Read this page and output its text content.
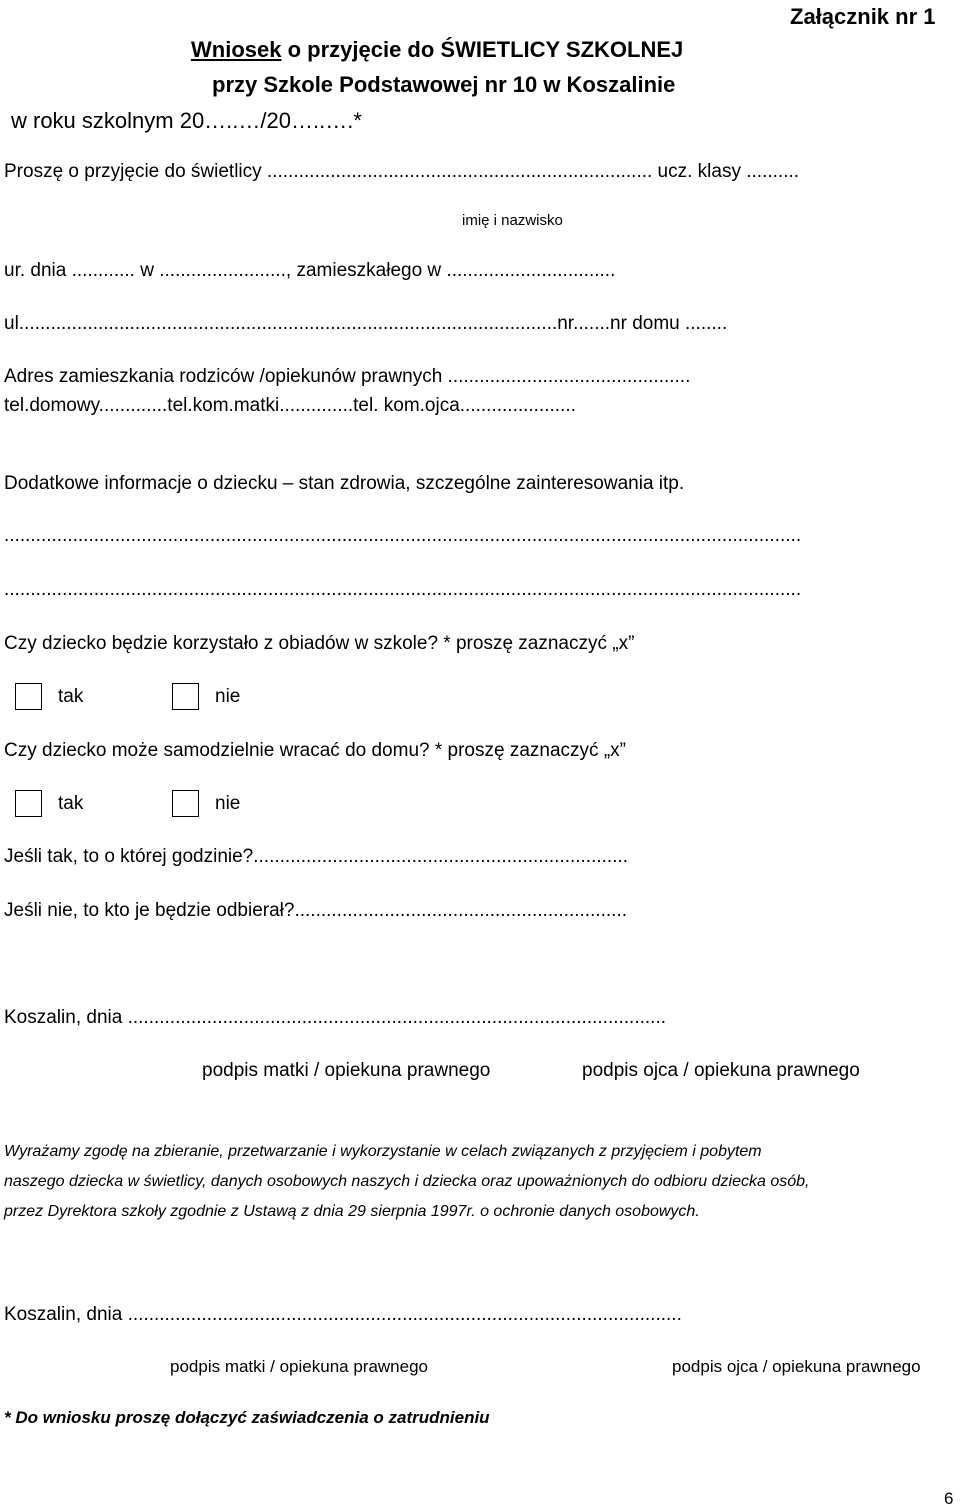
Załącznik nr 1
Wniosek o przyjęcie do ŚWIETLICY SZKOLNEJ
przy Szkole Podstawowej nr 10 w Koszalinie
w roku szkolnym 20…..…/20…..….*
Proszę o przyjęcie do świetlicy ......................................................................... ucz. klasy ..........
imię i nazwisko
ur. dnia ............ w ........................, zamieszkałego w ................................
ul......................................................................................................nr.......nr domu ........
Adres zamieszkania rodziców /opiekunów prawnych ..............................................
tel.domowy.............tel.kom.matki..............tel. kom.ojca......................
Dodatkowe informacje o dziecku – stan zdrowia, szczególne zainteresowania itp.
.......................................................................................................................................................
.......................................................................................................................................................
Czy dziecko będzie korzystało z obiadów w szkole? * proszę zaznaczyć „x”
tak	nie
Czy dziecko może samodzielnie wracać do domu? * proszę zaznaczyć „x”
tak	nie
Jeśli tak, to o której godzinie?.......................................................................
Jeśli nie, to kto je będzie odbierał?...............................................................
Koszalin, dnia ......................................................................................................
podpis matki / opiekuna prawnego	podpis ojca / opiekuna prawnego
Wyrażamy zgodę na zbieranie, przetwarzanie i wykorzystanie w celach związanych z przyjęciem i pobytem
naszego dziecka w świetlicy, danych osobowych naszych i dziecka oraz upoważnionych do odbioru dziecka osób,
przez Dyrektora szkoły zgodnie z Ustawą z dnia 29 sierpnia 1997r. o ochronie danych osobowych.
Koszalin, dnia .........................................................................................................
podpis matki / opiekuna prawnego	podpis ojca / opiekuna prawnego
* Do wniosku proszę dołączyć zaświadczenia o zatrudnieniu
6
